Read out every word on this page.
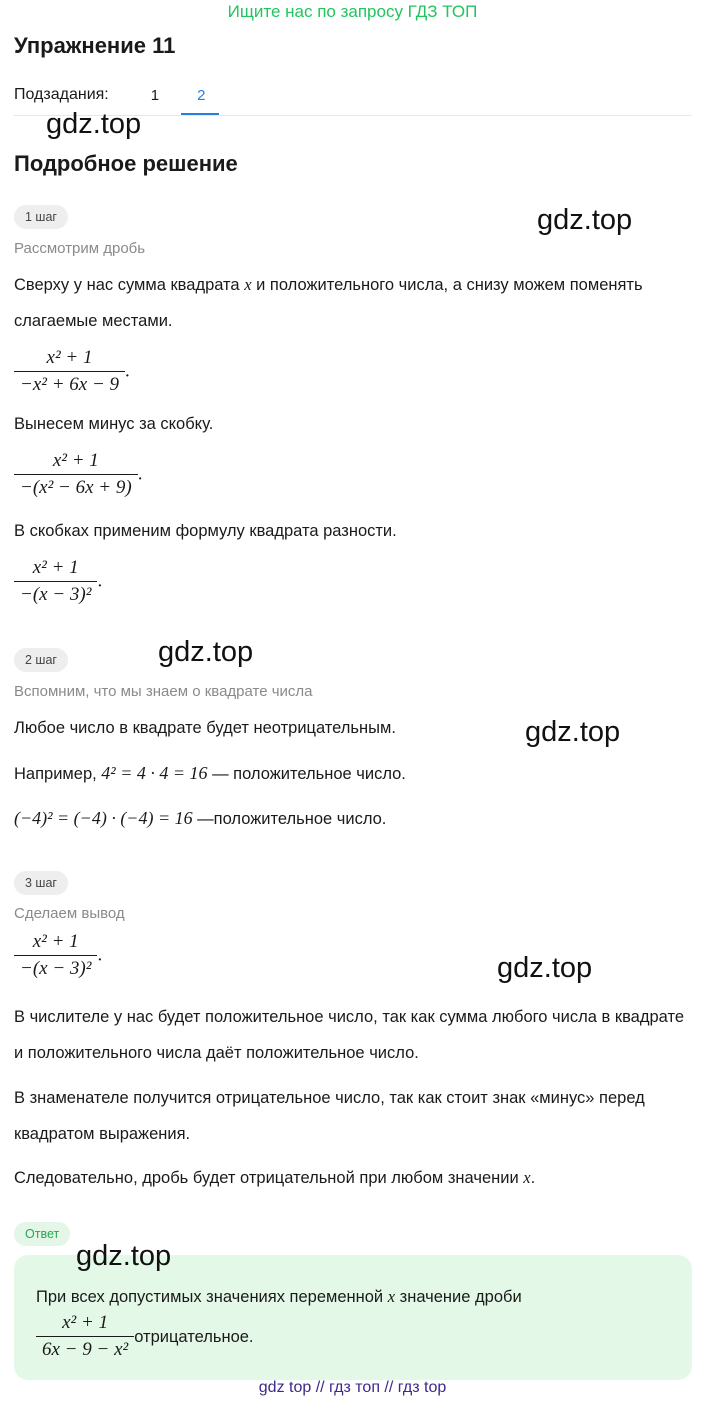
Ищите нас по запросу ГДЗ ТОП
Упражнение 11
Подзадания:	1	2
gdz.top
Подробное решение
gdz.top
1 шаг
Рассмотрим дробь
Сверху у нас сумма квадрата x и положительного числа, а снизу можем поменять слагаемые местами.
$\frac{\text{x² + 1}}{\text{−x² + 6x − 9}}$ .
Вынесем минус за скобку.
$\frac{\text{x² + 1}}{\text{−(x² − 6x + 9)}}$ .
В скобках применим формулу квадрата разности.
$\frac{\text{x² + 1}}{\text{−(x − 3)²}}$ .
2 шаг	gdz.top
Вспомним, что мы знаем о квадрате числа
Любое число в квадрате будет неотрицательным.	gdz.top
Например, 4² = 4 · 4 = 16 — положительное число.
(−4)² = (−4) · (−4) = 16 —положительное число.
3 шаг
Сделаем вывод
$\frac{\text{x² + 1}}{\text{−(x − 3)²}}$ .	gdz.top
В числителе у нас будет положительное число, так как сумма любого числа в квадрате и положительного числа даёт положительное число.
В знаменателе получится отрицательное число, так как стоит знак «минус» перед квадратом выражения.
Следовательно, дробь будет отрицательной при любом значении x.
Ответ
gdz.top
При всех допустимых значениях переменной x значение дроби
$\frac{\text{x² + 1}}{\text{6x − 9 − x²}}$ отрицательное.
gdz top // гдз топ // гдз top
